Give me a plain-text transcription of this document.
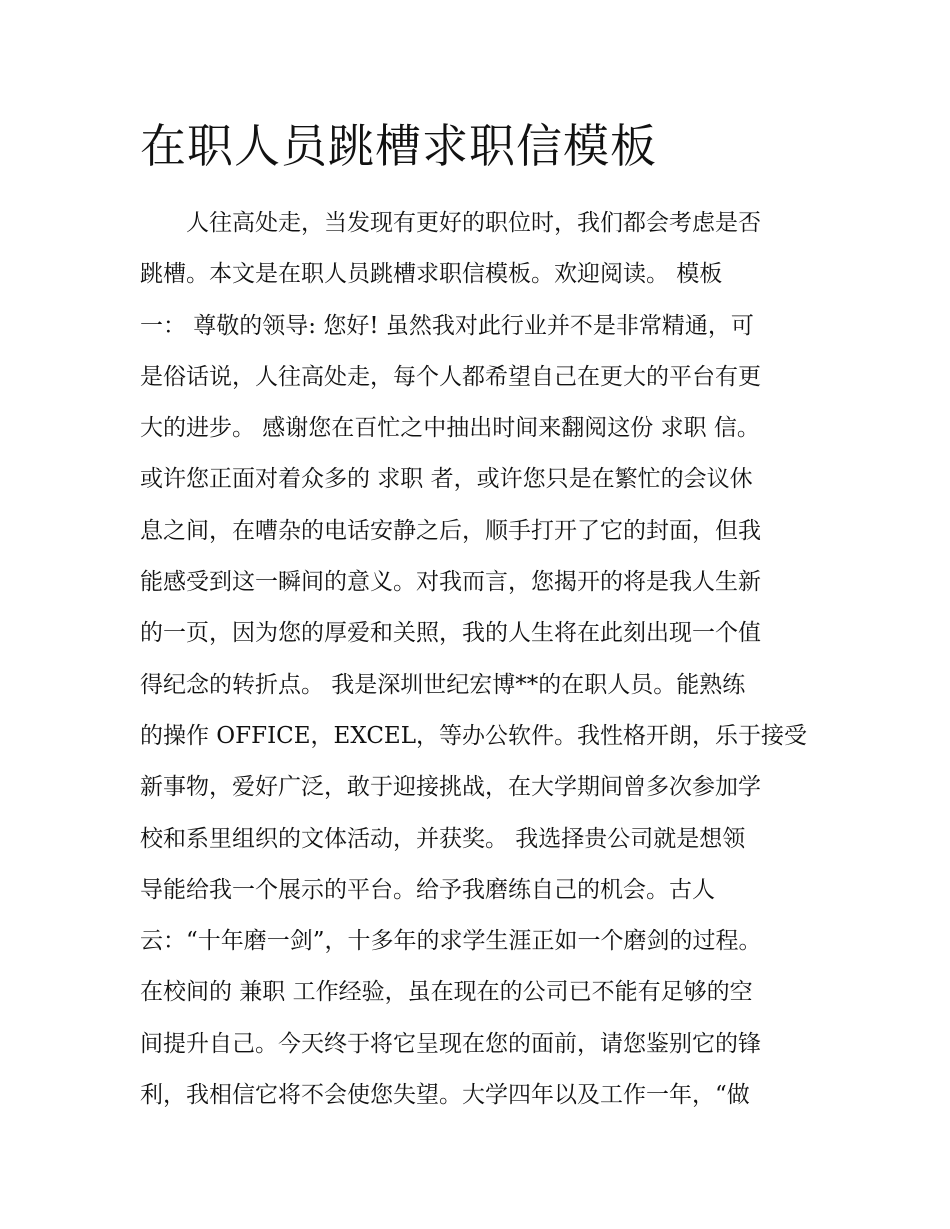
在职人员跳槽求职信模板
人往高处走，当发现有更好的职位时，我们都会考虑是否
跳槽。本文是在职人员跳槽求职信模板。欢迎阅读。 模板
一： 尊敬的领导: 您好! 虽然我对此行业并不是非常精通，可
是俗话说，人往高处走，每个人都希望自己在更大的平台有更
大的进步。 感谢您在百忙之中抽出时间来翻阅这份 求职 信。
或许您正面对着众多的 求职 者，或许您只是在繁忙的会议休
息之间，在嘈杂的电话安静之后，顺手打开了它的封面，但我
能感受到这一瞬间的意义。对我而言，您揭开的将是我人生新
的一页，因为您的厚爱和关照，我的人生将在此刻出现一个值
得纪念的转折点。 我是深圳世纪宏博**的在职人员。能熟练
的操作 OFFICE，EXCEL，等办公软件。我性格开朗，乐于接受
新事物，爱好广泛，敢于迎接挑战，在大学期间曾多次参加学
校和系里组织的文体活动，并获奖。 我选择贵公司就是想领
导能给我一个展示的平台。给予我磨练自己的机会。古人
云：“十年磨一剑”，十多年的求学生涯正如一个磨剑的过程。
在校间的 兼职 工作经验，虽在现在的公司已不能有足够的空
间提升自己。今天终于将它呈现在您的面前，请您鉴别它的锋
利，我相信它将不会使您失望。大学四年以及工作一年，“做
